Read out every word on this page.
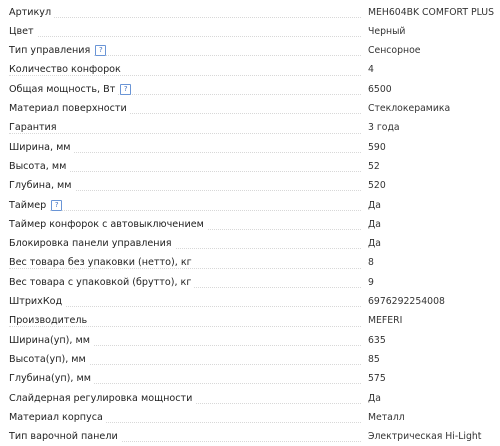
Артикул	MEH604BK COMFORT PLUS
Цвет	Черный
Тип управления ?	Сенсорное
Количество конфорок	4
Общая мощность, Вт ?	6500
Материал поверхности	Стеклокерамика
Гарантия	3 года
Ширина, мм	590
Высота, мм	52
Глубина, мм	520
Таймер ?	Да
Таймер конфорок с автовыключением	Да
Блокировка панели управления	Да
Вес товара без упаковки (нетто), кг	8
Вес товара с упаковкой (брутто), кг	9
ШтрихКод	6976292254008
Производитель	MEFERI
Ширина(уп), мм	635
Высота(уп), мм	85
Глубина(уп), мм	575
Слайдерная регулировка мощности	Да
Материал корпуса	Металл
Тип варочной панели	Электрическая Hi-Light
